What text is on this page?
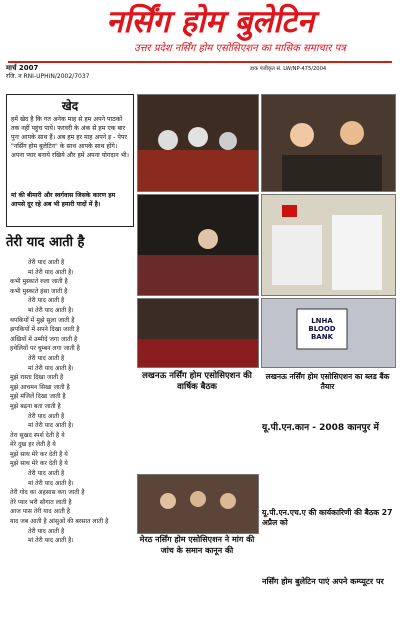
नर्सिंग होम बुलेटिन
उत्तर प्रदेश नर्सिंग होम एसोसिएशन का मासिक समाचार पत्र
मार्च 2007
रजि. न RNI-UPHIN/2002/7037
डाक पंजीकृत सं. LW/NP-475/2004
खेद
हमें खेद है कि गत अनेक माह से हम अपने पाठकों तक नहीं पहुंच पाये। फरवरी के अंक से हम एक बार पुनः आपके साथ हैं। अब हम हर माह अपने इ - पेपर "नर्सिंग होम बुलेटिन" के साथ आपके साथ होंगे।अपना प्यार बनाये रखिये और हमें अपना योगदान भी।
मां की बीमारी और स्वर्गवास जिसके कारण हम आपसे दूर रहे अब भी हमारी यादों में है।
तेरी याद आती है
तेरी याद आती है
मां तेरी याद आती है।
कभी मुस्काते रुला जाती है
कभी मुस्काते हंसा जाती है
तेरी याद आती है
मां तेरी याद आती है।
थपकियों में मुझे सुला जाती है
झपकियों में सपने दिखा जाती है
अंखियों में उम्मीदें जगा जाती है
हथेलियों पर चुम्बन लगा जाती है
तेरी याद आती है
मां तेरी याद आती है।
मुझे रास्ता दिखा जाती है
मुझे आचमन सिखा जाती है
मुझे मंजिलें दिखा जाती है
मुझे बढ़ना बता जाती है
तेरी याद आती है
मां तेरी याद आती है।
तेरा सुखद स्पर्श देती है ये
मेरे दुख हर लेती है ये
मुझे साथ मेरे कर देती है ये
मुझे साथ मेरे कर देती है ये
तेरी याद आती है
मां तेरी याद आती है।
तेरी गोद का अहसास करा जाती है
तेरे प्यार भरी सौगात लाती है
आज पास तेरी याद आती है
याद जब आती है आंसुओं की बरसात लाती है
तेरी याद आती है
मां तेरी याद आती है।
LNHA BLOOD BANK
लखनऊ नर्सिंग होम एसोसिएशन की वार्षिक बैठक
लखनऊ नर्सिंग होम एसोसिएशन का ब्लड बैंक तैयार
मेरठ नर्सिंग होम एसोसिएशन ने मांग की जांच के समान कानून की
यू.पी.एन.कान - 2008 कानपुर में
यू.पी.एन.एच.ए की कार्यकारिणी की बैठक 27 अप्रैल को
नर्सिंग होम बुलेटिन पाएं अपने कम्प्यूटर पर
